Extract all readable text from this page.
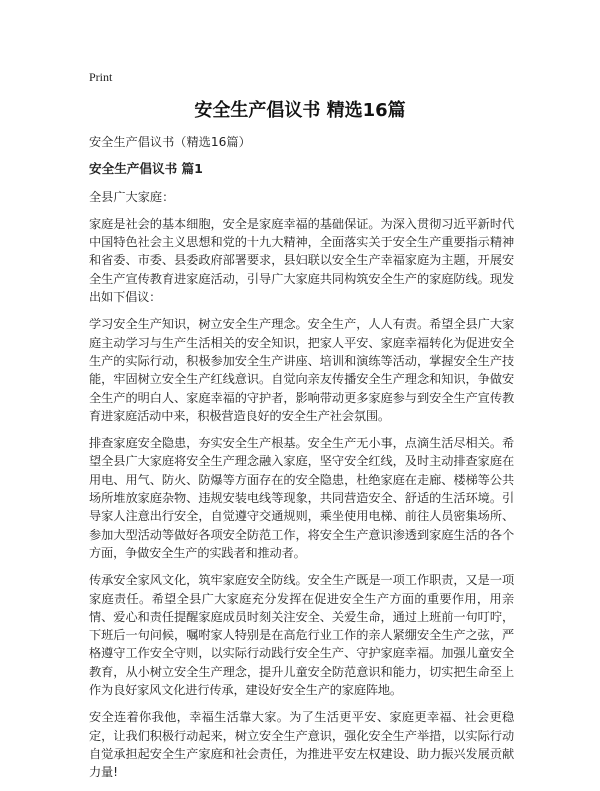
Print
安全生产倡议书 精选16篇

安全生产倡议书（精选16篇）

安全生产倡议书 篇1

全县广大家庭：

家庭是社会的基本细胞，安全是家庭幸福的基础保证。为深入贯彻习近平新时代中国特色社会主义思想和党的十九大精神，全面落实关于安全生产重要指示精神和省委、市委、县委政府部署要求，县妇联以安全生产幸福家庭为主题，开展安全生产宣传教育进家庭活动，引导广大家庭共同构筑安全生产的家庭防线。现发出如下倡议：

学习安全生产知识，树立安全生产理念。安全生产，人人有责。希望全县广大家庭主动学习与生产生活相关的安全知识，把家人平安、家庭幸福转化为促进安全生产的实际行动，积极参加安全生产讲座、培训和演练等活动，掌握安全生产技能，牢固树立安全生产红线意识。自觉向亲友传播安全生产理念和知识，争做安全生产的明白人、家庭幸福的守护者，影响带动更多家庭参与到安全生产宣传教育进家庭活动中来，积极营造良好的安全生产社会氛围。

排查家庭安全隐患，夯实安全生产根基。安全生产无小事，点滴生活尽相关。希望全县广大家庭将安全生产理念融入家庭，坚守安全红线，及时主动排查家庭在用电、用气、防火、防爆等方面存在的安全隐患，杜绝家庭在走廊、楼梯等公共场所堆放家庭杂物、违规安装电线等现象，共同营造安全、舒适的生活环境。引导家人注意出行安全，自觉遵守交通规则，乘坐使用电梯、前往人员密集场所、参加大型活动等做好各项安全防范工作，将安全生产意识渗透到家庭生活的各个方面，争做安全生产的实践者和推动者。

传承安全家风文化，筑牢家庭安全防线。安全生产既是一项工作职责，又是一项家庭责任。希望全县广大家庭充分发挥在促进安全生产方面的重要作用，用亲情、爱心和责任提醒家庭成员时刻关注安全、关爱生命，通过上班前一句叮咛，下班后一句问候，嘱咐家人特别是在高危行业工作的亲人紧绷安全生产之弦，严格遵守工作安全守则，以实际行动践行安全生产、守护家庭幸福。加强儿童安全教育，从小树立安全生产理念，提升儿童安全防范意识和能力，切实把生命至上作为良好家风文化进行传承，建设好安全生产的家庭阵地。

安全连着你我他，幸福生活靠大家。为了生活更平安、家庭更幸福、社会更稳定，让我们积极行动起来，树立安全生产意识，强化安全生产举措，以实际行动自觉承担起安全生产家庭和社会责任，为推进平安左权建设、助力振兴发展贡献力量!
